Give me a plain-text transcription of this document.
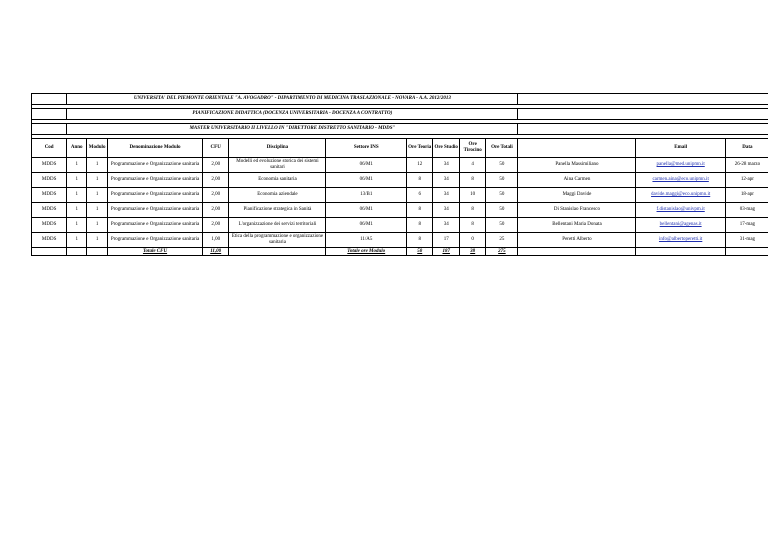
	UNIVERSITA' DEL PIEMONTE ORIENTALE "A. AVOGADRO" - DIPARTIMENTO DI MEDICINA TRASLAZIONALE - NOVARA - A.A. 2012/2013												

	PIANIFICAZIONE DIDATTICA (DOCENZA UNIVERSITARIA - DOCENZA A CONTRATTO)												

	MASTER UNIVERSITARIO II LIVELLO IN "DIRETTORE DISTRETTO SANITARIO - MDDS"												

Cod	Anno	Modulo	Denominazione Modulo	CFU	Disciplina	Settore INS	Ore Teoria	Ore Studio	Ore Tirocino	Ore Totali		Email	Data
MDDS	1	1	Programmazione e Organizzazione sanitaria	2,00	Modelli ed evoluzione storica dei sistemi sanitari	06/M1	12	34	4	50	Panella Massimiliano	panella@med.unipmn.it	26-28 marzo
MDDS	1	1	Programmazione e Organizzazione sanitaria	2,00	Economia sanitaria	06/M1	8	34	8	50	Aina Carmen	carmen.aina@eco.unipmn.it	12-apr
MDDS	1	1	Programmazione e Organizzazione sanitaria	2,00	Economia aziendale	13/B1	6	34	10	50	Maggi Davide	davide.maggi@eco.unipmn.it	18-apr
MDDS	1	1	Programmazione e Organizzazione sanitaria	2,00	Pianificazione strategica in Sanità	06/M1	8	34	8	50	Di Stanislao Francesco	f.distanislao@univpm.it	03-mag
MDDS	1	1	Programmazione e Organizzazione sanitaria	2,00	L'organizzazione dei servizi territoriali	06/M1	8	34	8	50	Bellentani Maria Donata	bellentani@agenas.it	17-mag
MDDS	1	1	Programmazione e Organizzazione sanitaria	1,00	Etica della programmazione e organizzazione sanitaria	11/A5	8	17	0	25	Peretti Alberto	info@albertoperetti.it	31-mag
			Totale CFU	11,00		Totale ore Modulo	50	187	38	275			
